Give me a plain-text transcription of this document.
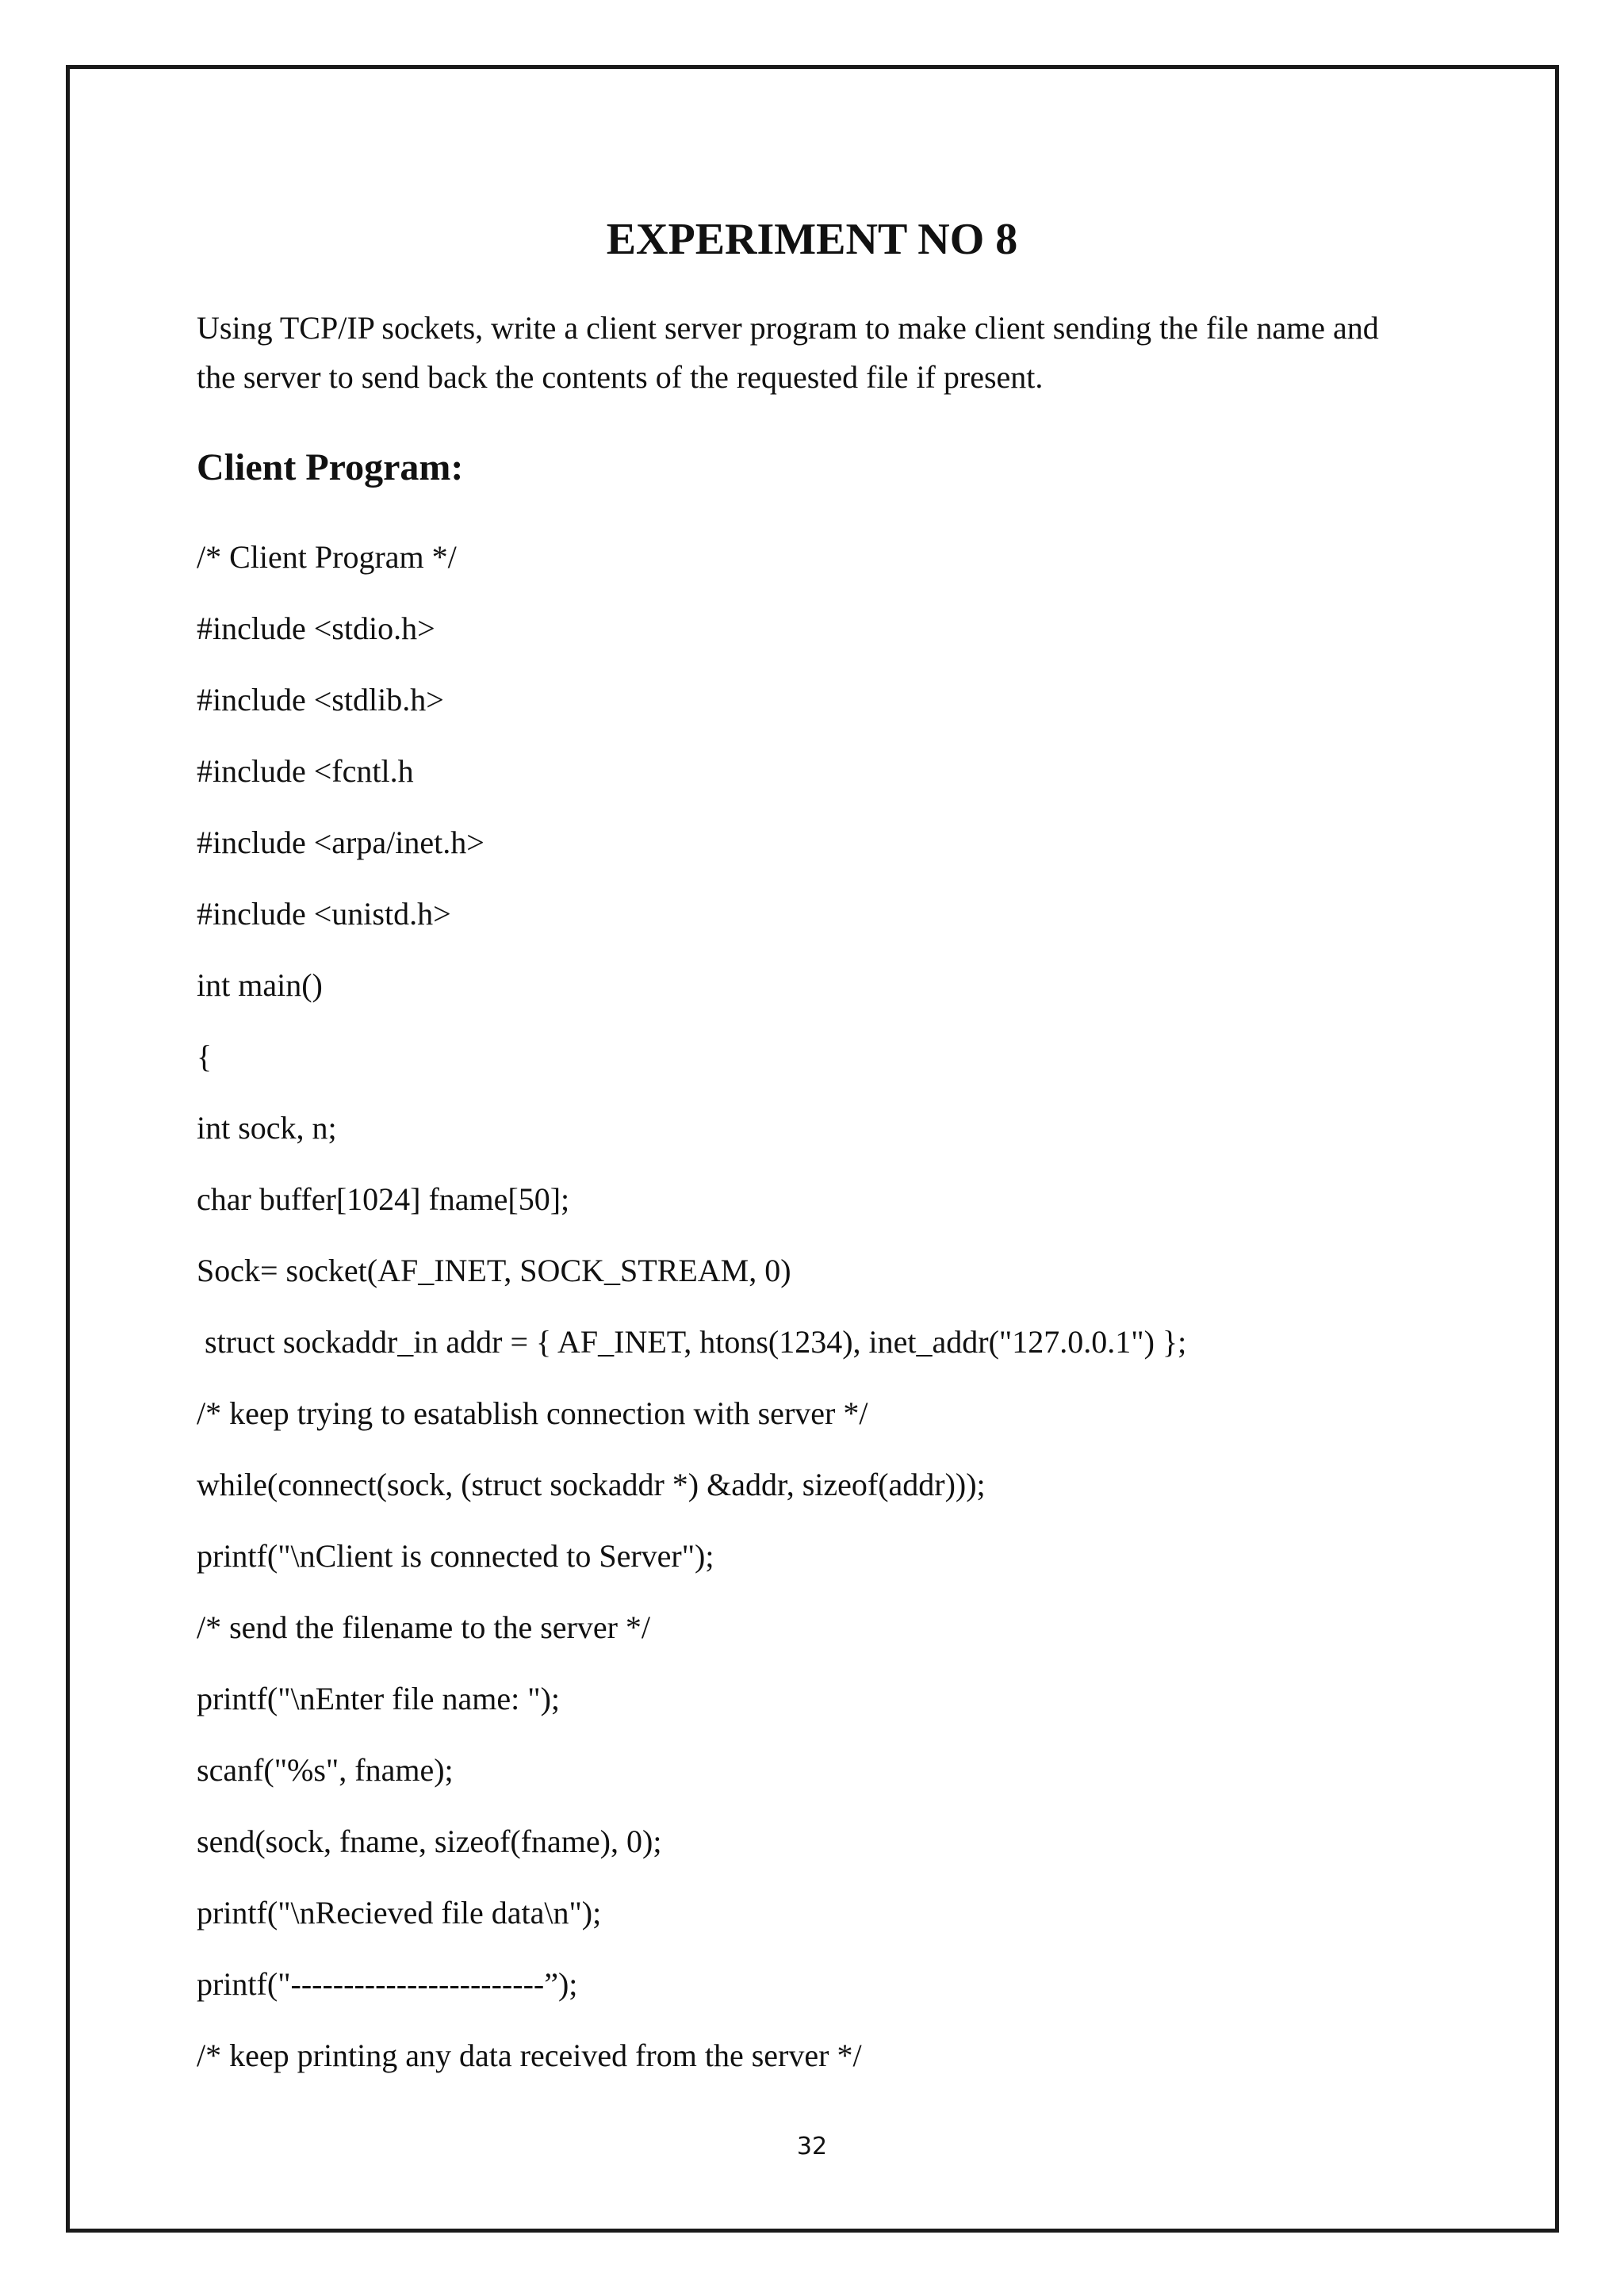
EXPERIMENT NO 8

Using TCP/IP sockets, write a client server program to make client sending the file name and
the server to send back the contents of the requested file if present.

Client Program:
/* Client Program */
#include <stdio.h>
#include <stdlib.h>
#include <fcntl.h
#include <arpa/inet.h>
#include <unistd.h>
int main()
{
int sock, n;
char buffer[1024] fname[50];
Sock= socket(AF_INET, SOCK_STREAM, 0)
struct sockaddr_in addr = { AF_INET, htons(1234), inet_addr("127.0.0.1") };
/* keep trying to esatablish connection with server */
while(connect(sock, (struct sockaddr *) &addr, sizeof(addr)));
printf("\nClient is connected to Server");
/* send the filename to the server */
printf("\nEnter file name: ");
scanf("%s", fname);
send(sock, fname, sizeof(fname), 0);
printf("\nRecieved file data\n");
printf("------------------------”);
/* keep printing any data received from the server */
32
